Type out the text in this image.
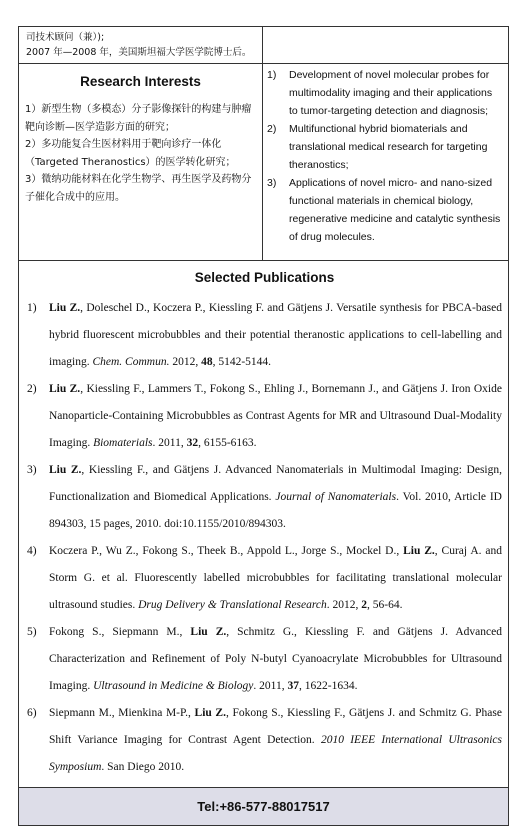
司技术顾问（兼）);
2007 年—2008 年，美国斯坦福大学医学院博士后。
Research Interests
1）新型生物（多模态）分子影像探针的构建与肿瘤靶向诊断—医学造影方面的研究；
2）多功能复合生医材料用于靶向诊疗一体化（Targeted Theranostics）的医学转化研究；
3）微纳功能材料在化学生物学、再生医学及药物分子催化合成中的应用。
1)	Development of novel molecular probes for multimodality imaging and their applications to tumor-targeting detection and diagnosis;
2)	Multifunctional hybrid biomaterials and translational medical research for targeting theranostics;
3)	Applications of novel micro- and nano-sized functional materials in chemical biology, regenerative medicine and catalytic synthesis of drug molecules.
Selected Publications
1)	Liu Z., Doleschel D., Koczera P., Kiessling F. and Gätjens J. Versatile synthesis for PBCA-based hybrid fluorescent microbubbles and their potential theranostic applications to cell-labelling and imaging. Chem. Commun. 2012, 48, 5142-5144.
2)	Liu Z., Kiessling F., Lammers T., Fokong S., Ehling J., Bornemann J., and Gätjens J. Iron Oxide Nanoparticle-Containing Microbubbles as Contrast Agents for MR and Ultrasound Dual-Modality Imaging. Biomaterials. 2011, 32, 6155-6163.
3)	Liu Z., Kiessling F., and Gätjens J. Advanced Nanomaterials in Multimodal Imaging: Design, Functionalization and Biomedical Applications. Journal of Nanomaterials. Vol. 2010, Article ID 894303, 15 pages, 2010. doi:10.1155/2010/894303.
4)	Koczera P., Wu Z., Fokong S., Theek B., Appold L., Jorge S., Mockel D., Liu Z., Curaj A. and Storm G. et al. Fluorescently labelled microbubbles for facilitating translational molecular ultrasound studies. Drug Delivery & Translational Research. 2012, 2, 56-64.
5)	Fokong S., Siepmann M., Liu Z., Schmitz G., Kiessling F. and Gätjens J. Advanced Characterization and Refinement of Poly N-butyl Cyanoacrylate Microbubbles for Ultrasound Imaging. Ultrasound in Medicine & Biology. 2011, 37, 1622-1634.
6)	Siepmann M., Mienkina M-P., Liu Z., Fokong S., Kiessling F., Gätjens J. and Schmitz G. Phase Shift Variance Imaging for Contrast Agent Detection. 2010 IEEE International Ultrasonics Symposium. San Diego 2010.
Tel:+86-577-88017517
